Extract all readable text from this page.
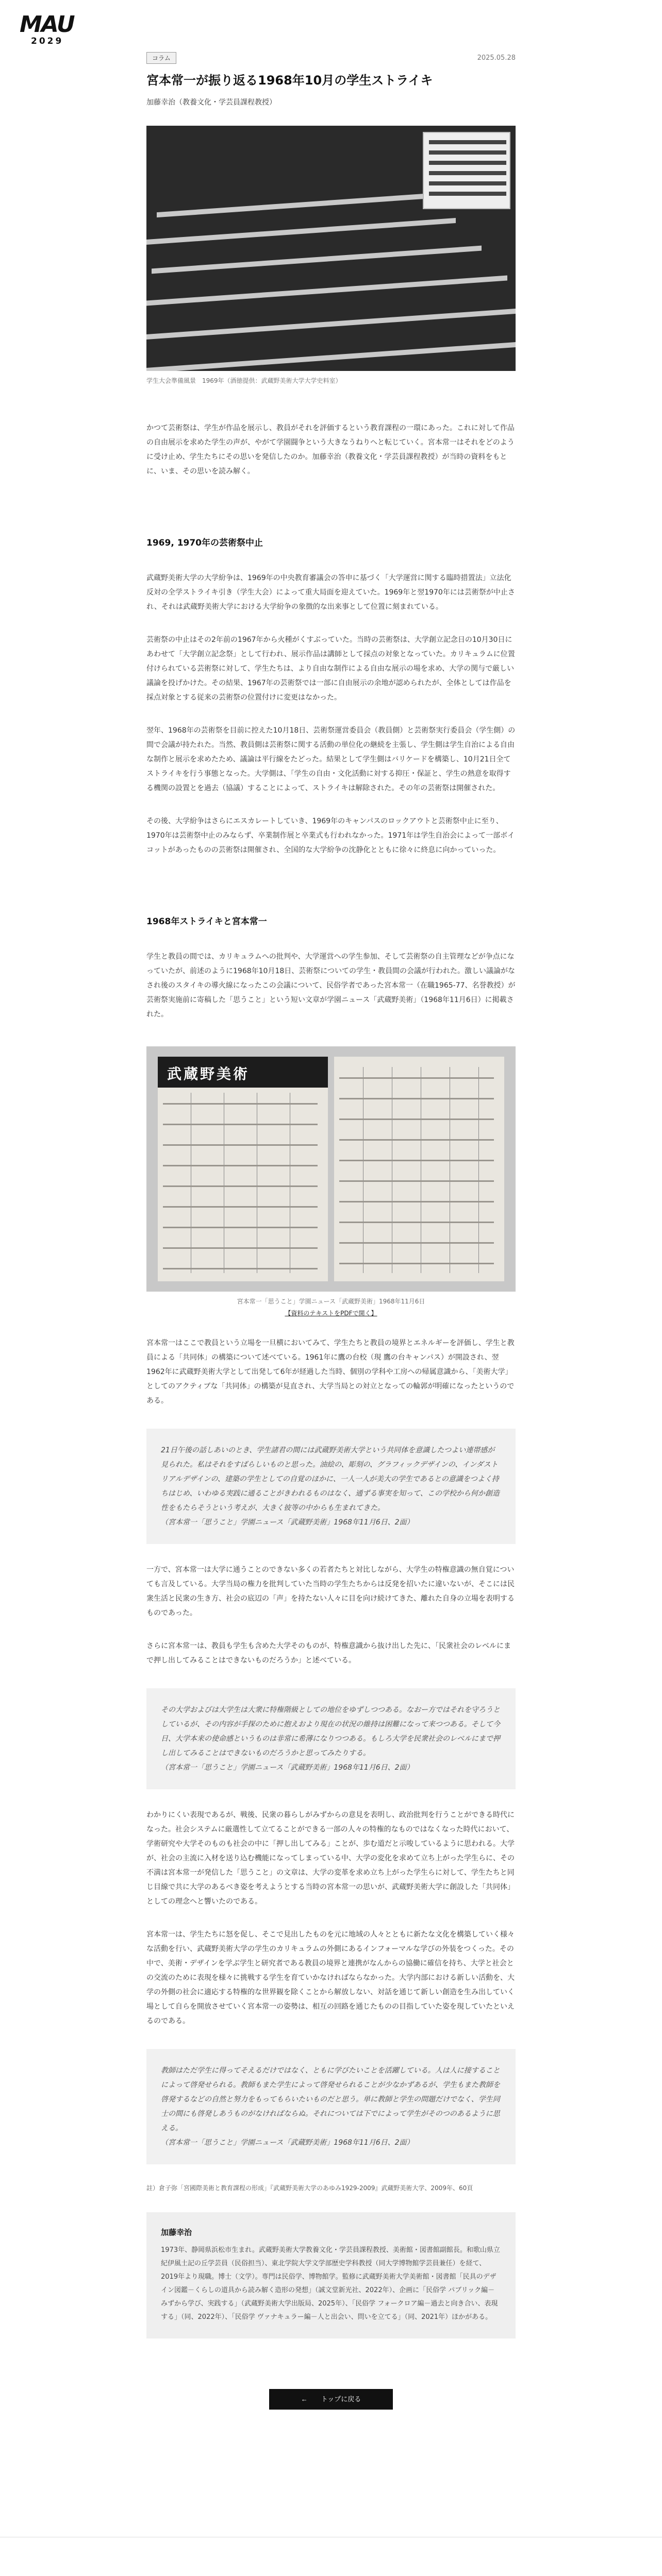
MAU
2029
コラム	2025.05.28
宮本常一が振り返る1968年10月の学生ストライキ
加藤幸治（教養文化・学芸員課程教授）
学生大会準備風景　1969年（酒徳提供：武蔵野美術大学大学史料室）
かつて芸術祭は、学生が作品を展示し、教員がそれを評価するという教育課程の一環にあった。これに対して作品の自由展示を求めた学生の声が、やがて学園闘争という大きなうねりへと転じていく。宮本常一はそれをどのように受け止め、学生たちにその思いを発信したのか。加藤幸治（教養文化・学芸員課程教授）が当時の資料をもとに、いま、その思いを読み解く。
1969, 1970年の芸術祭中止
武蔵野美術大学の大学紛争は、1969年の中央教育審議会の答申に基づく「大学運営に関する臨時措置法」立法化反対の全学ストライキ引き（学生大会）によって重大局面を迎えていた。1969年と翌1970年には芸術祭が中止され、それは武蔵野美術大学における大学紛争の象徴的な出来事として位置に刻まれている。
芸術祭の中止はその2年前の1967年から火種がくすぶっていた。当時の芸術祭は、大学創立記念日の10月30日にあわせて「大学創立記念祭」として行われ、展示作品は講師として採点の対象となっていた。カリキュラムに位置付けられている芸術祭に対して、学生たちは、より自由な制作による自由な展示の場を求め、大学の関与で厳しい議論を投げかけた。その結果、1967年の芸術祭では一部に自由展示の余地が認められたが、全体としては作品を採点対象とする従来の芸術祭の位置付けに変更はなかった。
翌年、1968年の芸術祭を目前に控えた10月18日、芸術祭運営委員会（教員側）と芸術祭実行委員会（学生側）の間で会議が持たれた。当然、教員側は芸術祭に関する活動の単位化の継続を主張し、学生側は学生自治による自由な制作と展示を求めたため、議論は平行線をたどった。結果として学生側はバリケードを構築し、10月21日全てストライキを行う事態となった。大学側は、「学生の自由・文化活動に対する抑圧・保証と、学生の熱意を取得する機関の設置とを過去（協議）することによって、ストライキは解除された。その年の芸術祭は開催された。
その後、大学紛争はさらにエスカレートしていき、1969年のキャンパスのロックアウトと芸術祭中止に至り、1970年は芸術祭中止のみならず、卒業制作展と卒業式も行われなかった。1971年は学生自治会によって一部ボイコットがあったものの芸術祭は開催され、全国的な大学紛争の沈静化とともに徐々に終息に向かっていった。
1968年ストライキと宮本常一
学生と教員の間では、カリキュラムへの批判や、大学運営への学生参加、そして芸術祭の自主管理などが争点になっていたが、前述のように1968年10月18日、芸術祭についての学生・教員間の会議が行われた。激しい議論がなされ後のスタイキの導火線になったこの会議について、民俗学者であった宮本常一（在職1965-77、名誉教授）が芸術祭実施前に寄稿した「思うこと」という短い文章が学園ニュース「武蔵野美術」（1968年11月6日）に掲載された。
武蔵野美術
宮本常一「思うこと」学園ニュース「武蔵野美術」1968年11月6日
【資料のテキストをPDFで開く】
宮本常一はここで教員という立場を一旦横においてみて、学生たちと教員の境界とエネルギーを評価し、学生と教員による「共同体」の構築について述べている。1961年に鷹の台校（現 鷹の台キャンパス）が開設され、翌1962年に武蔵野美術大学として出発して6年が経過した当時、個別の学科や工房への帰属意識から、「美術大学」としてのアクティブな「共同体」の構築が見直され、大学当局との対立となっての輪郭が明確になったというのである。
21日午後の話しあいのとき、学生諸君の間には武蔵野美術大学という共同体を意識したつよい連帯感が見られた。私はそれをすばらしいものと思った。油絵の、彫刻の、グラフィックデザインの、インダストリアルデザインの、建築の学生としての自覚のほかに、一人一人が美大の学生であるとの意識をつよく持ちはじめ、いわゆる実践に通ることがきわれるものはなく、通ずる事実を知って、この学校から何か創造性をもたらそうという考えが、大きく彼等の中からも生まれてきた。
（宮本常一「思うこと」学園ニュース「武蔵野美術」1968年11月6日、2面）
一方で、宮本常一は大学に通うことのできない多くの若者たちと対比しながら、大学生の特権意識の無自覚についても言及している。大学当局の権力を批判していた当時の学生たちからは反発を招いたに違いないが、そこには民衆生活と民衆の生き方、社会の底辺の「声」を持たない人々に目を向け続けてきた、離れた自身の立場を表明するものであった。
さらに宮本常一は、教員も学生も含めた大学そのものが、特権意識から抜け出した先に、「民衆社会のレベルにまで押し出してみることはできないものだろうか」と述べている。
その大学およびは大学生は大衆に特権階級としての地位をゆずしつつある。なおー方ではそれを守ろうとしているが、その内容が手探のために抱えおより現在の状況の維持は困難になって来つつある。そして今日、大学本来の使命感というものは非常に希薄になりつつある。もしろ大学を民衆社会のレベルにまで押し出してみることはできないものだろうかと思ってみたりする。
（宮本常一「思うこと」学園ニュース「武蔵野美術」1968年11月6日、2面）
わかりにくい表現であるが、戦後、民衆の暮らしがみずからの意見を表明し、政治批判を行うことができる時代になった。社会システムに厳選性して立てることができる一部の人々の特権的なものではなくなった時代において、学術研究や大学そのものも社会の中に「押し出してみる」ことが、歩む道だと示唆しているように思われる。大学が、社会の主流に入材を送り込む機能になってしまっている中、大学の変化を求めて立ち上がった学生らに、その不満は宮本常一が発信した「思うこと」の文章は、大学の変革を求め立ち上がった学生らに対して、学生たちと同じ目線で共に大学のあるべき姿を考えようとする当時の宮本常一の思いが、武蔵野美術大学に創設した「共同体」としての理念へと響いたのである。
宮本常一は、学生たちに怒を促し、そこで見出したものを元に地域の人々とともに新たな文化を構築していく様々な活動を行い、武蔵野美術大学の学生のカリキュラムの外側にあるインフォーマルな学びの外装をつくった。その中で、美術・デザインを学ぶ学生と研究者である教員の境界と連携がなんからの協働に確信を持ち、大学と社会との交流のために表現を様々に挑戦する学生を育ていかなければならなかった。大学内部における新しい活動を、大学の外側の社会に適応する特権的な世界観を除くことから解放しない、対話を通じて新しい創造を生み出していく場として自らを開放させていく宮本常一の姿勢は、相互の回路を通じたものの目指していた姿を現していたといえるのである。
教師はただ学生に得ってそえるだけではなく、ともに学びたいことを活躍している。人は人に接することによって啓発せられる。教師もまた学生によって啓発せられることが少なかずあるが、学生もまた教師を啓発するなどの自然と努力をもってもらいたいものだと思う。単に教師と学生の問題だけでなく、学生同士の間にも啓発しあうものがなければならぬ。それについては下でによって学生がそのつのあるように思える。
（宮本常一「思うこと」学園ニュース「武蔵野美術」1968年11月6日、2面）
註）倉子弥「宮國際美術と教育課程の形成」『武蔵野美術大学のあゆみ1929-2009』武蔵野美術大学、2009年、60頁
加藤幸治
1973年、静岡県浜松市生まれ。武蔵野美術大学教養文化・学芸員課程教授、美術館・図書館副館長。和歌山県立紀伊風土記の丘学芸員（民俗担当）、東北学院大学文学部歴史学科教授（同大学博物館学芸員兼任）を経て、2019年より現職。博士（文学）。専門は民俗学、博物館学。監修に武蔵野美術大学美術館・図書館「民具のデザイン図鑑－くらしの道具から読み解く造形の発想」（誠文堂新光社、2022年）、企画に「民俗学 パブリック編－みずから学び、実践する」（武蔵野美術大学出版局、2025年）、「民俗学 フォークロア編－過去と向き合い、表現する」（同、2022年）、「民俗学 ヴァナキュラー編－人と出会い、問いを立てる」（同、2021年）ほかがある。
← トップに戻る
